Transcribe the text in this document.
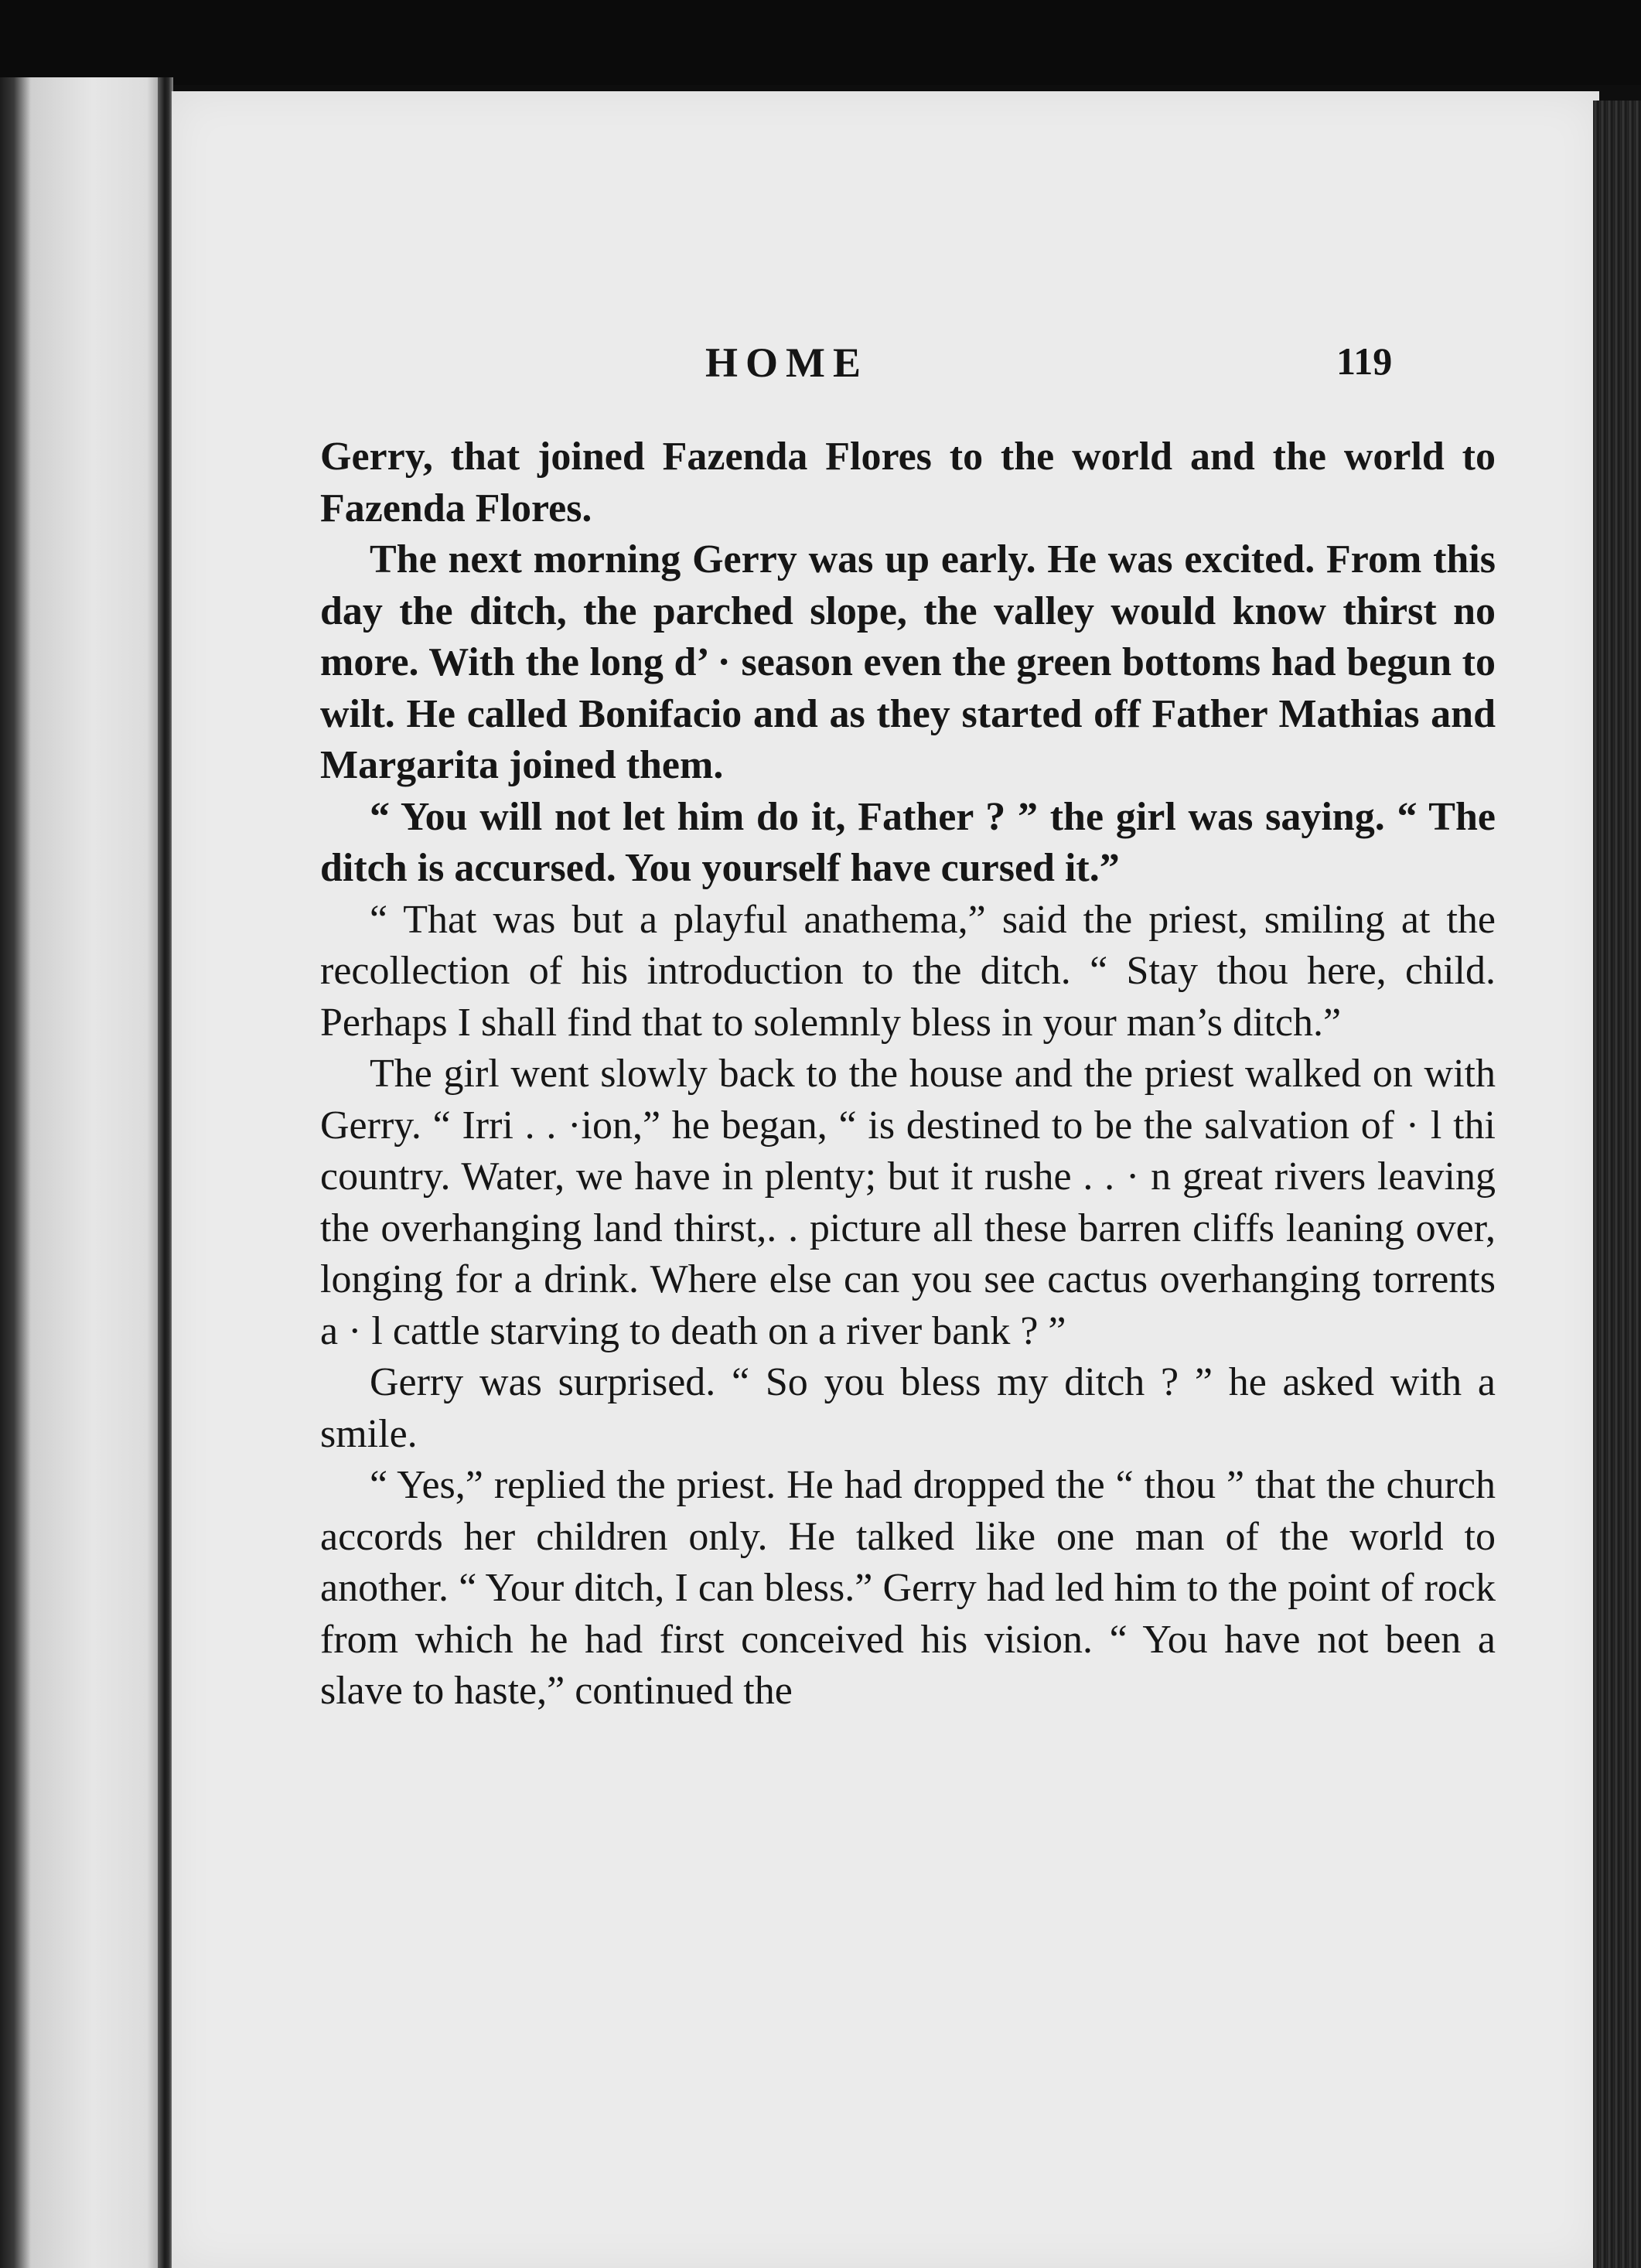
HOME	119

Gerry, that joined Fazenda Flores to the world and the world to Fazenda Flores.

The next morning Gerry was up early. He was excited. From this day the ditch, the parched slope, the valley would know thirst no more. With the long d’ · season even the green bottoms had begun to wilt. He called Bonifacio and as they started off Father Mathias and Margarita joined them.

“ You will not let him do it, Father ? ” the girl was saying. “ The ditch is accursed. You yourself have cursed it.”

“ That was but a playful anathema,” said the priest, smiling at the recollection of his introduction to the ditch. “ Stay thou here, child. Perhaps I shall find that to solemnly bless in your man’s ditch.”

The girl went slowly back to the house and the priest walked on with Gerry. “ Irri . . ·ion,” he began, “ is destined to be the salvation of · l thi country. Water, we have in plenty; but it rushe . . · n great rivers leaving the overhanging land thirst,. . picture all these barren cliffs leaning over, longing for a drink. Where else can you see cactus overhanging torrents a · l cattle starving to death on a river bank ? ”

Gerry was surprised. “ So you bless my ditch ? ” he asked with a smile.

“ Yes,” replied the priest. He had dropped the “ thou ” that the church accords her children only. He talked like one man of the world to another. “ Your ditch, I can bless.” Gerry had led him to the point of rock from which he had first conceived his vision. “ You have not been a slave to haste,” continued the
